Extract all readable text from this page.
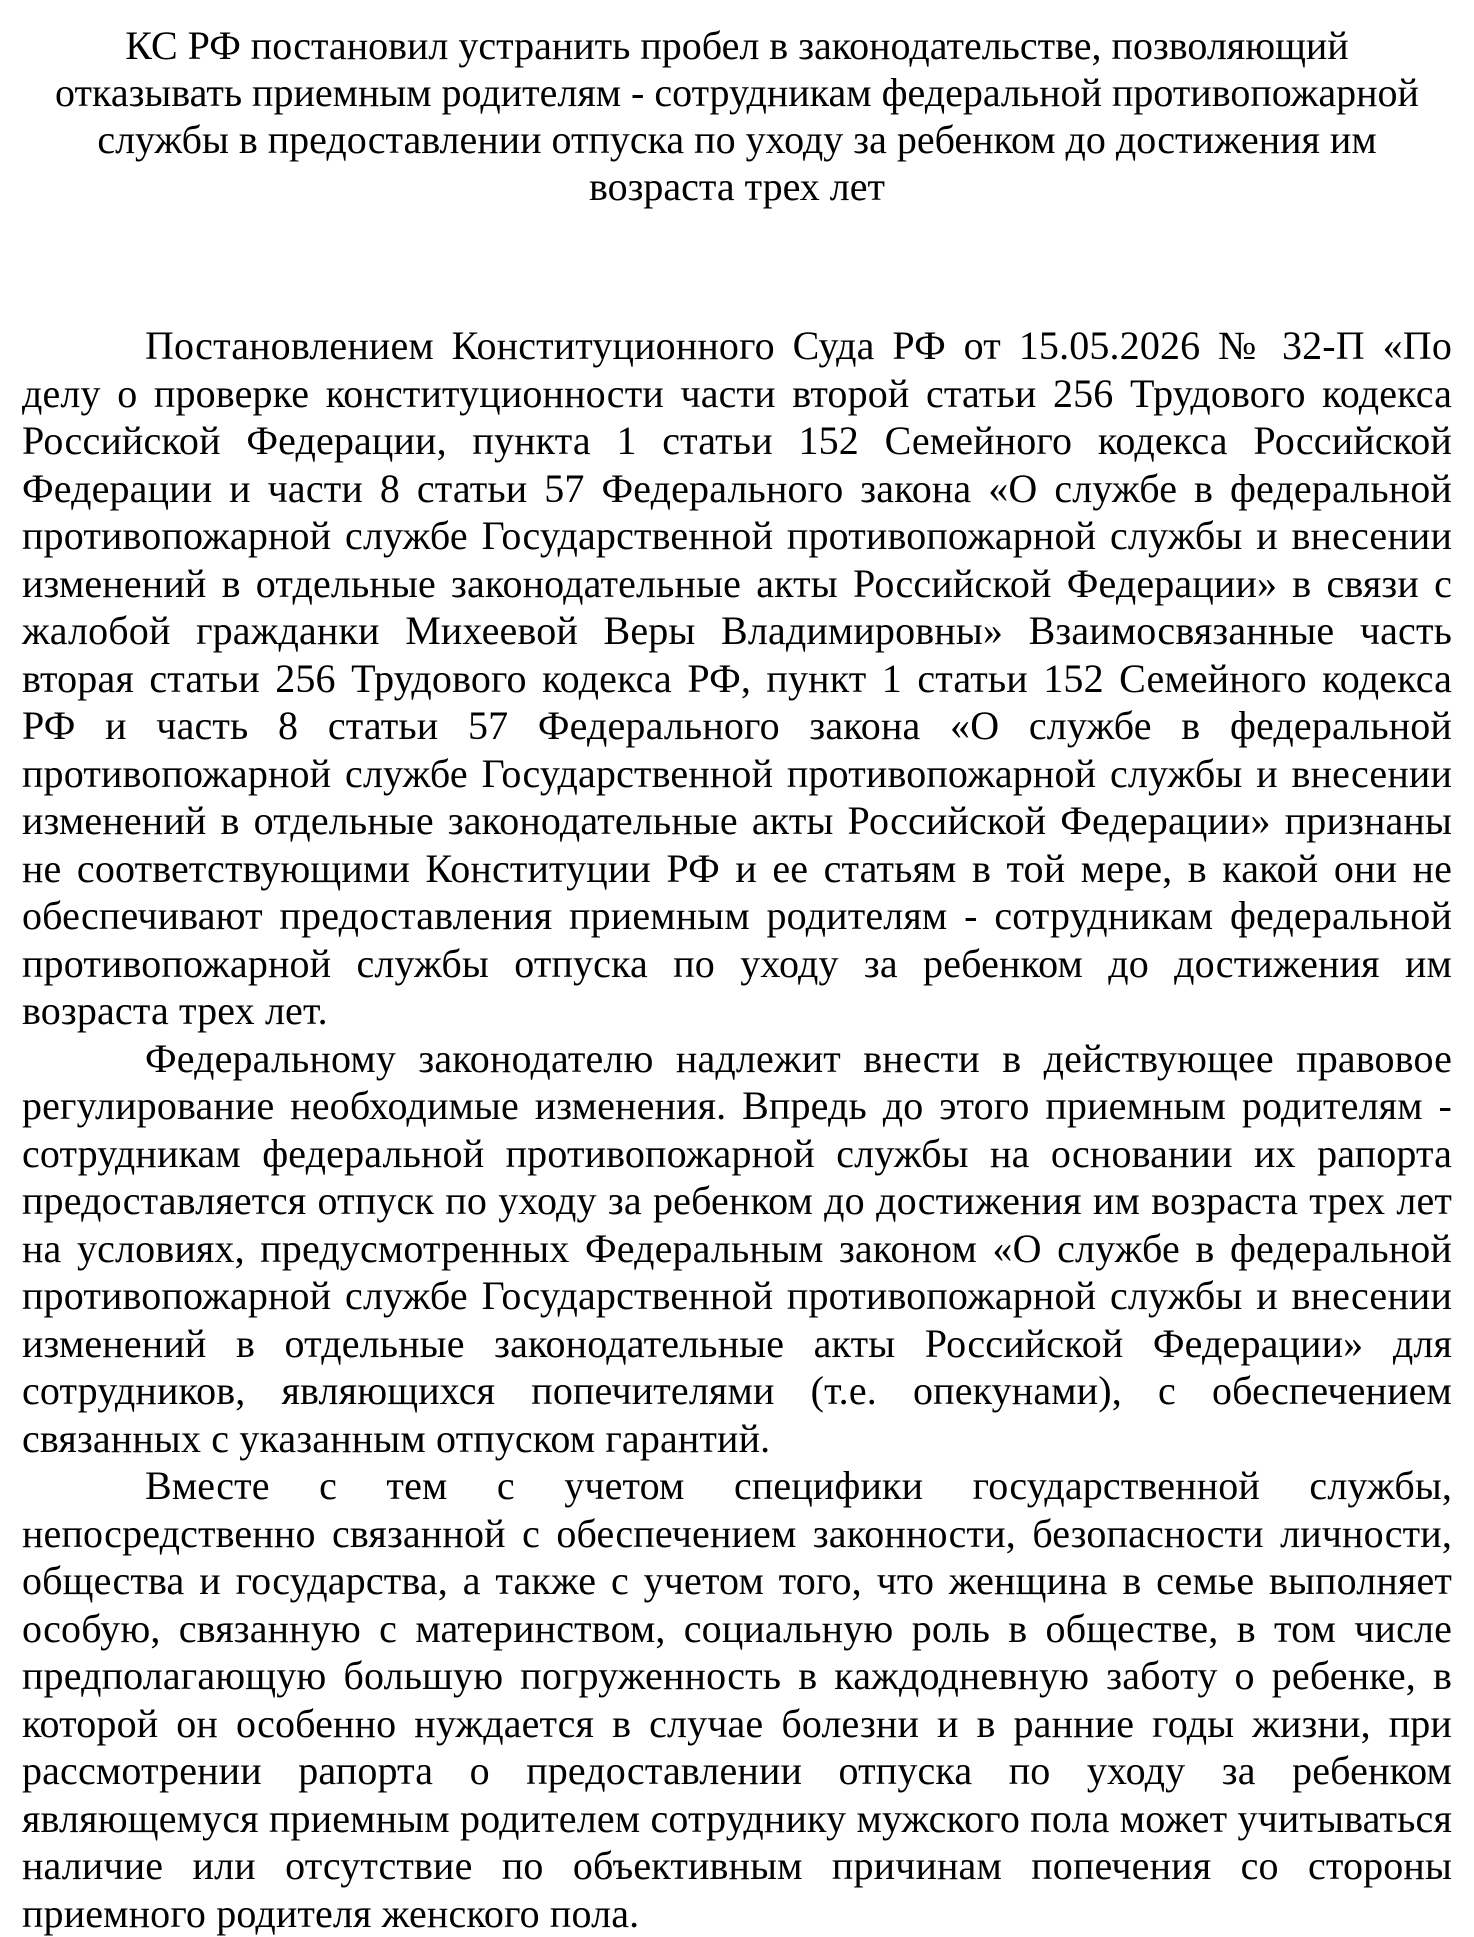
КС РФ постановил устранить пробел в законодательстве, позволяющий отказывать приемным родителям - сотрудникам федеральной противопожарной службы в предоставлении отпуска по уходу за ребенком до достижения им возраста трех лет

Постановлением Конституционного Суда РФ от 15.05.2026 № 32-П «По делу о проверке конституционности части второй статьи 256 Трудового кодекса Российской Федерации, пункта 1 статьи 152 Семейного кодекса Российской Федерации и части 8 статьи 57 Федерального закона «О службе в федеральной противопожарной службе Государственной противопожарной службы и внесении изменений в отдельные законодательные акты Российской Федерации» в связи с жалобой гражданки Михеевой Веры Владимировны» Взаимосвязанные часть вторая статьи 256 Трудового кодекса РФ, пункт 1 статьи 152 Семейного кодекса РФ и часть 8 статьи 57 Федерального закона «О службе в федеральной противопожарной службе Государственной противопожарной службы и внесении изменений в отдельные законодательные акты Российской Федерации» признаны не соответствующими Конституции РФ и ее статьям в той мере, в какой они не обеспечивают предоставления приемным родителям - сотрудникам федеральной противопожарной службы отпуска по уходу за ребенком до достижения им возраста трех лет.

Федеральному законодателю надлежит внести в действующее правовое регулирование необходимые изменения. Впредь до этого приемным родителям - сотрудникам федеральной противопожарной службы на основании их рапорта предоставляется отпуск по уходу за ребенком до достижения им возраста трех лет на условиях, предусмотренных Федеральным законом «О службе в федеральной противопожарной службе Государственной противопожарной службы и внесении изменений в отдельные законодательные акты Российской Федерации» для сотрудников, являющихся попечителями (т.е. опекунами), с обеспечением связанных с указанным отпуском гарантий.

Вместе с тем с учетом специфики государственной службы, непосредственно связанной с обеспечением законности, безопасности личности, общества и государства, а также с учетом того, что женщина в семье выполняет особую, связанную с материнством, социальную роль в обществе, в том числе предполагающую большую погруженность в каждодневную заботу о ребенке, в которой он особенно нуждается в случае болезни и в ранние годы жизни, при рассмотрении рапорта о предоставлении отпуска по уходу за ребенком являющемуся приемным родителем сотруднику мужского пола может учитываться наличие или отсутствие по объективным причинам попечения со стороны приемного родителя женского пола.
